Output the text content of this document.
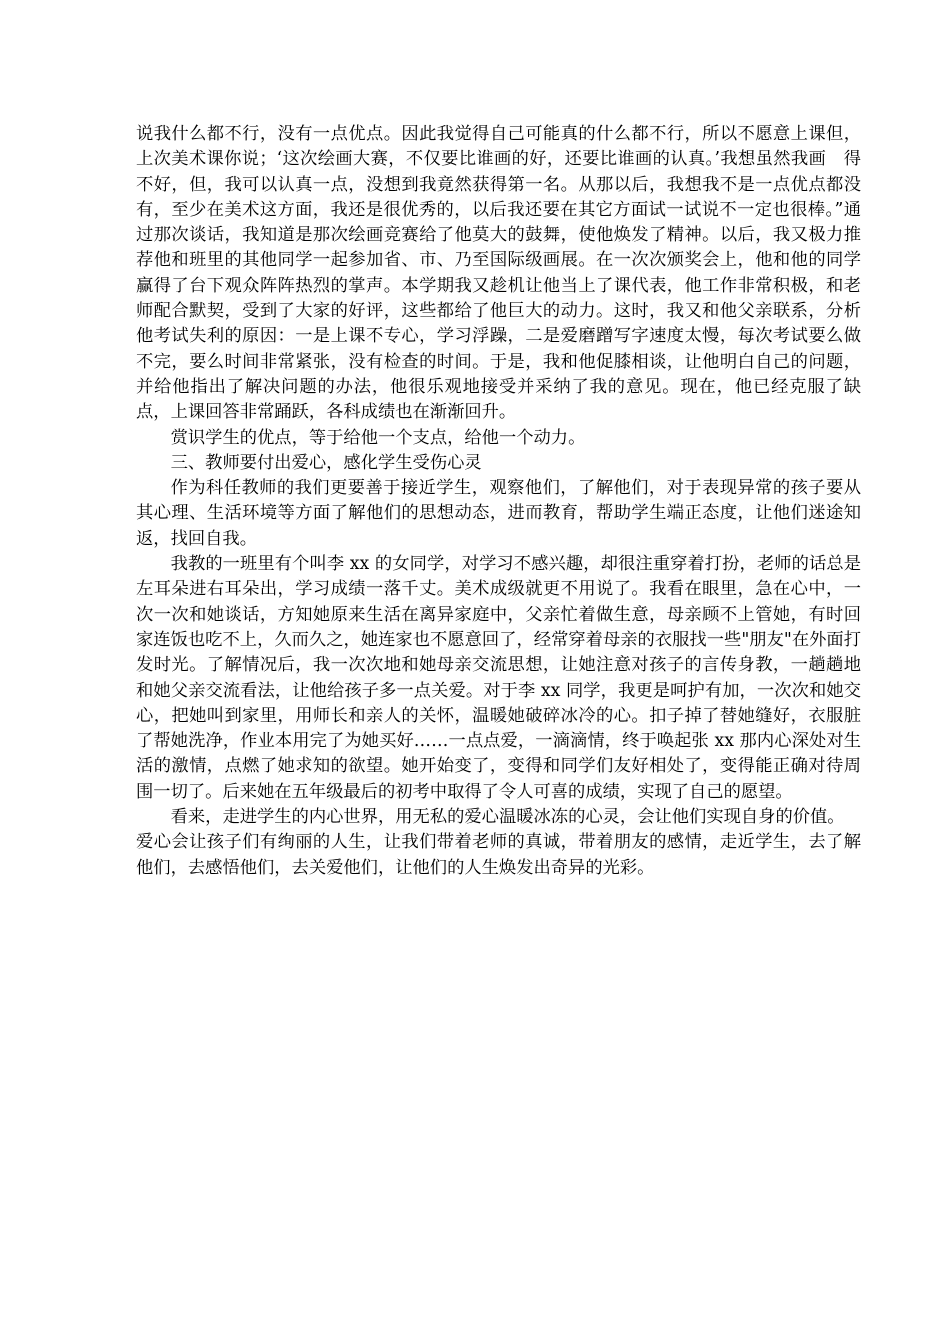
说我什么都不行，没有一点优点。因此我觉得自己可能真的什么都不行，所以不愿意上课但，上次美术课你说；‘这次绘画大赛，不仅要比谁画的好，还要比谁画的认真。’我想虽然我画　得不好，但，我可以认真一点，没想到我竟然获得第一名。从那以后，我想我不是一点优点都没有，至少在美术这方面，我还是很优秀的，以后我还要在其它方面试一试说不一定也很棒。”通过那次谈话，我知道是那次绘画竞赛给了他莫大的鼓舞，使他焕发了精神。以后，我又极力推荐他和班里的其他同学一起参加省、市、乃至国际级画展。在一次次颁奖会上，他和他的同学赢得了台下观众阵阵热烈的掌声。本学期我又趁机让他当上了课代表，他工作非常积极，和老师配合默契，受到了大家的好评，这些都给了他巨大的动力。这时，我又和他父亲联系，分析他考试失利的原因：一是上课不专心，学习浮躁，二是爱磨蹭写字速度太慢，每次考试要么做不完，要么时间非常紧张，没有检查的时间。于是，我和他促膝相谈，让他明白自己的问题，并给他指出了解决问题的办法，他很乐观地接受并采纳了我的意见。现在，他已经克服了缺点，上课回答非常踊跃，各科成绩也在渐渐回升。

赏识学生的优点，等于给他一个支点，给他一个动力。

三、教师要付出爱心，感化学生受伤心灵

作为科任教师的我们更要善于接近学生，观察他们，了解他们，对于表现异常的孩子要从其心理、生活环境等方面了解他们的思想动态，进而教育，帮助学生端正态度，让他们迷途知返，找回自我。

我教的一班里有个叫李 xx 的女同学，对学习不感兴趣，却很注重穿着打扮，老师的话总是左耳朵进右耳朵出，学习成绩一落千丈。美术成级就更不用说了。我看在眼里，急在心中，一次一次和她谈话，方知她原来生活在离异家庭中，父亲忙着做生意，母亲顾不上管她，有时回家连饭也吃不上，久而久之，她连家也不愿意回了，经常穿着母亲的衣服找一些"朋友"在外面打发时光。了解情况后，我一次次地和她母亲交流思想，让她注意对孩子的言传身教，一趟趟地和她父亲交流看法，让他给孩子多一点关爱。对于李 xx 同学，我更是呵护有加，一次次和她交心，把她叫到家里，用师长和亲人的关怀，温暖她破碎冰冷的心。扣子掉了替她缝好，衣服脏了帮她洗净，作业本用完了为她买好……一点点爱，一滴滴情，终于唤起张 xx 那内心深处对生活的激情，点燃了她求知的欲望。她开始变了，变得和同学们友好相处了，变得能正确对待周围一切了。后来她在五年级最后的初考中取得了令人可喜的成绩，实现了自己的愿望。

看来，走进学生的内心世界，用无私的爱心温暖冰冻的心灵，会让他们实现自身的价值。

爱心会让孩子们有绚丽的人生，让我们带着老师的真诚，带着朋友的感情，走近学生，去了解他们，去感悟他们，去关爱他们，让他们的人生焕发出奇异的光彩。
